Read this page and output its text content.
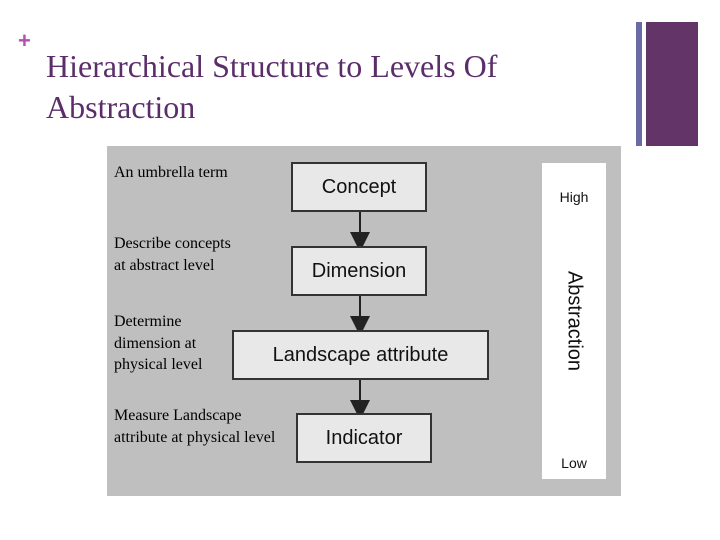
+
Hierarchical Structure to Levels Of Abstraction
Concept
Dimension
Landscape attribute
Indicator
An umbrella term
Describe concepts at abstract level
Determine dimension at physical level
Measure Landscape attribute at physical level
High
Abstraction
Low
